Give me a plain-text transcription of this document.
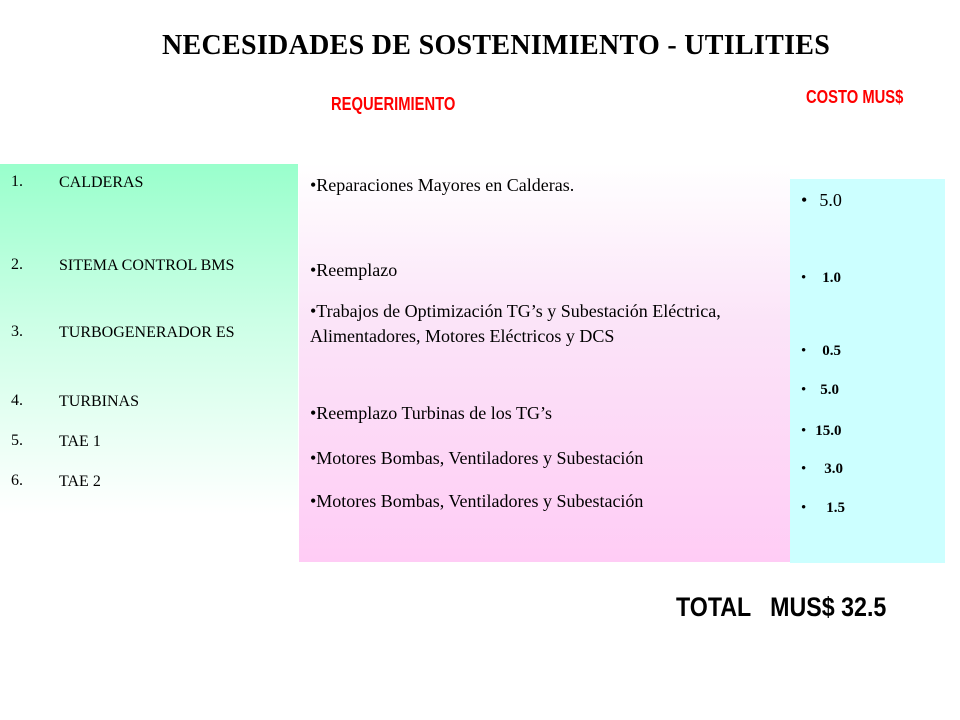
NECESIDADES DE SOSTENIMIENTO - UTILITIES
REQUERIMIENTO	COSTO MUS$
1. CALDERAS
2. SITEMA CONTROL BMS
3. TURBOGENERADOR ES
4. TURBINAS
5. TAE 1
6. TAE 2
•Reparaciones Mayores en Calderas.
•Reemplazo
•Trabajos de Optimización TG’s y Subestación Eléctrica, Alimentadores, Motores Eléctricos y DCS
•Reemplazo Turbinas de los TG’s
•Motores Bombas, Ventiladores y Subestación
•Motores Bombas, Ventiladores y Subestación
• 5.0
• 1.0
• 0.5
• 5.0
• 15.0
• 3.0
• 1.5
TOTAL   MUS$ 32.5
